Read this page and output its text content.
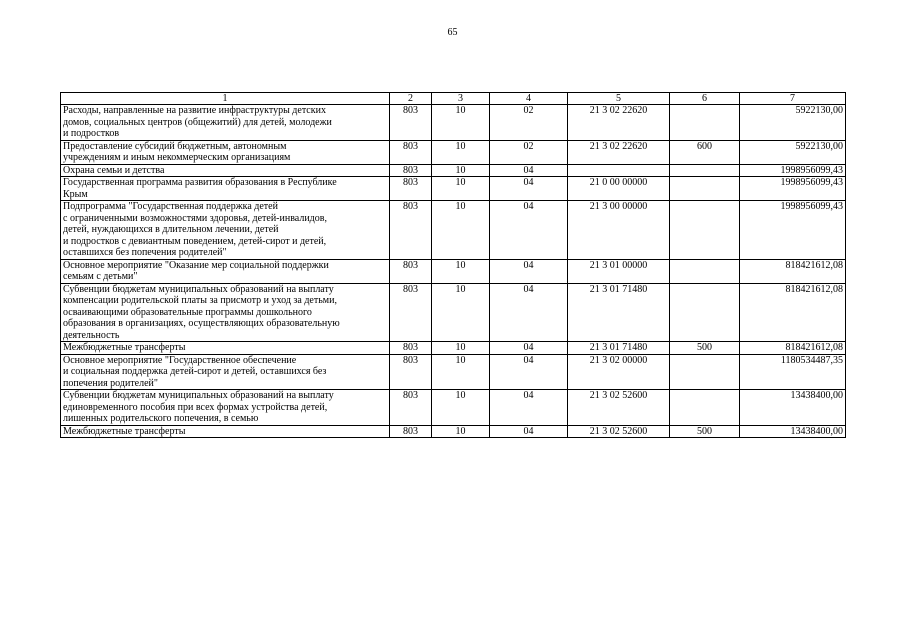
65
1	2	3	4	5	6	7

Расходы, направленные на развитие инфраструктуры детских
домов, социальных центров (общежитий) для детей, молодежи
и подростков	803	10	02	21 3 02 22620		5922130,00

Предоставление субсидий бюджетным, автономным
учреждениям и иным некоммерческим организациям	803	10	02	21 3 02 22620	600	5922130,00

Охрана семьи и детства	803	10	04			1998956099,43

Государственная программа развития образования в Республике
Крым	803	10	04	21 0 00 00000		1998956099,43

Подпрограмма "Государственная поддержка детей
с ограниченными возможностями здоровья, детей-инвалидов,
детей, нуждающихся в длительном лечении, детей
и подростков с девиантным поведением, детей-сирот и детей,
оставшихся без попечения родителей"	803	10	04	21 3 00 00000		1998956099,43

Основное мероприятие "Оказание мер социальной поддержки
семьям с детьми"	803	10	04	21 3 01 00000		818421612,08

Субвенции бюджетам муниципальных образований на выплату
компенсации родительской платы за присмотр и уход за детьми,
осваивающими образовательные программы дошкольного
образования в организациях, осуществляющих образовательную
деятельность	803	10	04	21 3 01 71480		818421612,08

Межбюджетные трансферты	803	10	04	21 3 01 71480	500	818421612,08

Основное мероприятие "Государственное обеспечение
и социальная поддержка детей-сирот и детей, оставшихся без
попечения родителей"	803	10	04	21 3 02 00000		1180534487,35

Субвенции бюджетам муниципальных образований на выплату
единовременного пособия при всех формах устройства детей,
лишенных родительского попечения, в семью	803	10	04	21 3 02 52600		13438400,00

Межбюджетные трансферты	803	10	04	21 3 02 52600	500	13438400,00
